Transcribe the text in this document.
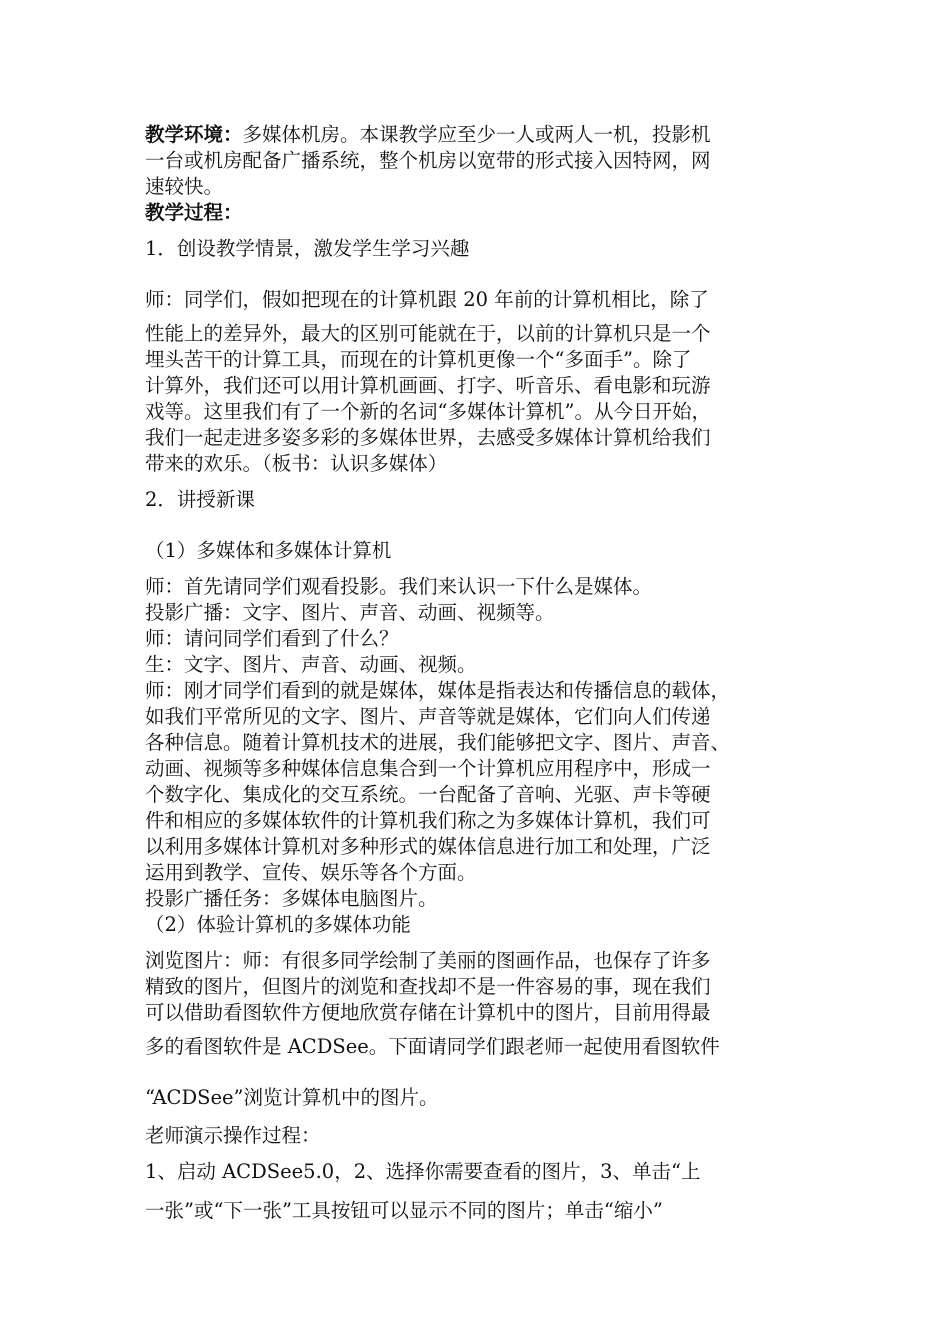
教学环境：多媒体机房。本课教学应至少一人或两人一机，投影机

一台或机房配备广播系统，整个机房以宽带的形式接入因特网，网

速较快。

教学过程：

1．创设教学情景，激发学生学习兴趣

师：同学们，假如把现在的计算机跟 20 年前的计算机相比，除了

性能上的差异外，最大的区别可能就在于，以前的计算机只是一个

埋头苦干的计算工具，而现在的计算机更像一个“多面手”。除了

计算外，我们还可以用计算机画画、打字、听音乐、看电影和玩游

戏等。这里我们有了一个新的名词“多媒体计算机”。从今日开始，

我们一起走进多姿多彩的多媒体世界，去感受多媒体计算机给我们

带来的欢乐。（板书：认识多媒体）

2．讲授新课

（1）多媒体和多媒体计算机

师：首先请同学们观看投影。我们来认识一下什么是媒体。

投影广播：文字、图片、声音、动画、视频等。

师：请问同学们看到了什么？

生：文字、图片、声音、动画、视频。

师：刚才同学们看到的就是媒体，媒体是指表达和传播信息的载体，

如我们平常所见的文字、图片、声音等就是媒体，它们向人们传递

各种信息。随着计算机技术的进展，我们能够把文字、图片、声音、

动画、视频等多种媒体信息集合到一个计算机应用程序中，形成一

个数字化、集成化的交互系统。一台配备了音响、光驱、声卡等硬

件和相应的多媒体软件的计算机我们称之为多媒体计算机，我们可

以利用多媒体计算机对多种形式的媒体信息进行加工和处理，广泛

运用到教学、宣传、娱乐等各个方面。

投影广播任务：多媒体电脑图片。

（2）体验计算机的多媒体功能

浏览图片：师：有很多同学绘制了美丽的图画作品，也保存了许多

精致的图片，但图片的浏览和查找却不是一件容易的事，现在我们

可以借助看图软件方便地欣赏存储在计算机中的图片，目前用得最

多的看图软件是 ACDSee。下面请同学们跟老师一起使用看图软件

“ACDSee”浏览计算机中的图片。

老师演示操作过程：

1、启动 ACDSee5.0，2、选择你需要查看的图片，3、单击“上

一张”或“下一张”工具按钮可以显示不同的图片；单击“缩小”
